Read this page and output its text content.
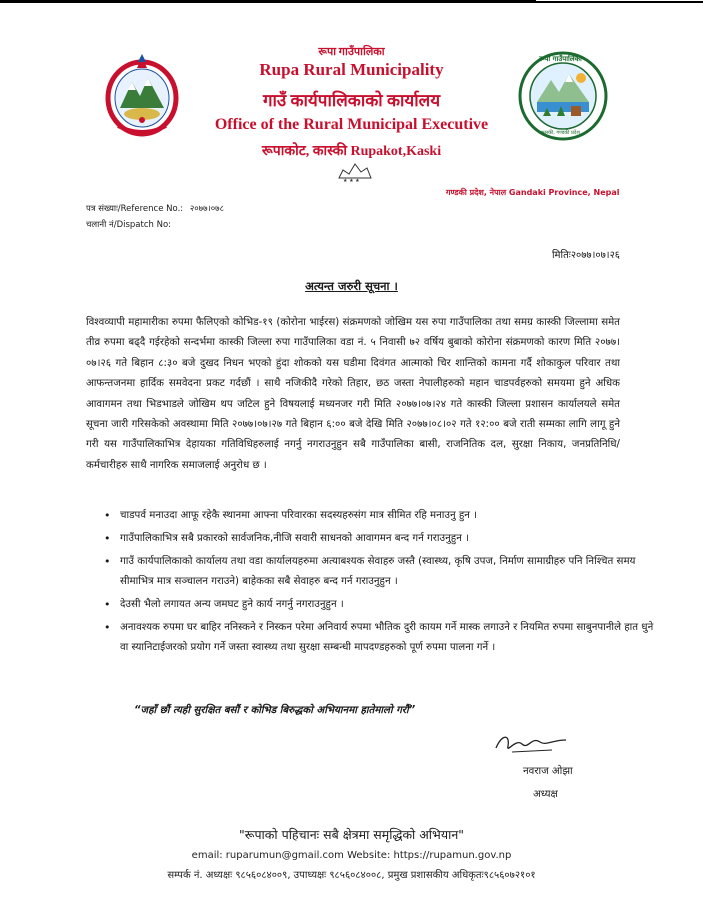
रूपा गाउँपालिका
Rupa Rural Municipality
गाउँ कार्यपालिकाको कार्यालय
Office of the Rural Municipal Executive
रूपाकोट, कास्की Rupakot,Kaski
रूपा गाउँपालिका
कास्की, गण्डकी प्रदेश
★ ★ ★
गण्डकी प्रदेश, नेपाल Gandaki Province, Nepal
पत्र संख्याः/Reference No.: २०७७।०७८
चलानी नं/Dispatch No:
मितिः२०७७।०७।२६
अत्यन्त जरुरी सूचना ।
विश्वव्यापी महामारीका रुपमा फैलिएको कोभिड-१९ (कोरोना भाईरस) संक्रमणको जोखिम यस रुपा गाउँपालिका तथा समग्र कास्की जिल्लामा समेत तीव्र रुपमा बढ्दै गईरहेको सन्दर्भमा कास्की जिल्ला रुपा गाउँपालिका वडा नं. ५ निवासी ७२ वर्षिय बुबाको कोरोना संक्रमणको कारण मिति २०७७।०७।२६ गते बिहान ८:३० बजे दुखद निधन भएको हुंदा शोकको यस घडीमा दिवंगत आत्माको चिर शान्तिको कामना गर्दै शोकाकुल परिवार तथा आफन्तजनमा हार्दिक समवेदना प्रकट गर्दछौं । साथै नजिकीदै गरेको तिहार, छठ जस्ता नेपालीहरुको महान चाडपर्वहरुको समयमा हुने अधिक आवागमन तथा भिडभाडले जोखिम थप जटिल हुने विषयलाई मध्यनजर गरी मिति २०७७।०७।२४ गते कास्की जिल्ला प्रशासन कार्यालयले समेत सूचना जारी गरिसकेको अवस्थामा मिति २०७७।०७।२७ गते बिहान ६:०० बजे देखि मिति २०७७।०८।०२ गते १२:०० बजे राती सम्मका लागि लागू हुने गरी यस गाउँपालिकाभित्र देहायका गतिविधिहरुलाई नगर्नु नगराउनुहुन सबै गाउँपालिका बासी, राजनितिक दल, सुरक्षा निकाय, जनप्रतिनिधि/कर्मचारीहरु साथै नागरिक समाजलाई अनुरोध छ ।
• चाडपर्व मनाउदा आफू रहेकै स्थानमा आफ्ना परिवारका सदस्यहरुसंग मात्र सीमित रहि मनाउनु हुन ।
• गाउँपालिकाभित्र सबै प्रकारको सार्वजनिक,नीजि सवारी साधनको आवागमन बन्द गर्न गराउनुहुन ।
• गाउँ कार्यपालिकाको कार्यालय तथा वडा कार्यालयहरुमा अत्याबश्यक सेवाहरु जस्तै (स्वास्थ्य, कृषि उपज, निर्माण सामाग्रीहरु पनि निश्चित समय सीमाभित्र मात्र सञ्चालन गराउने) बाहेकका सबै सेवाहरु बन्द गर्न गराउनुहुन ।
• देउसी भैलो लगायत अन्य जमघट हुने कार्य नगर्नु नगराउनुहुन ।
• अनावश्यक रुपमा घर बाहिर ननिस्कने र निस्कन परेमा अनिवार्य रुपमा भौतिक दुरी कायम गर्ने मास्क लगाउने र नियमित रुपमा साबुनपानीले हात धुने वा स्यानिटाईजरको प्रयोग गर्ने जस्ता स्वास्थ्य तथा सुरक्षा सम्बन्धी मापदण्डहरुको पूर्ण रुपमा पालना गर्ने ।
“जहाँ छौं त्यही सुरक्षित बसौं र कोभिड बिरुद्धको अभियानमा हातेमालो गरौं”
नवराज ओझा
अध्यक्ष
"रूपाको पहिचानः सबै क्षेत्रमा समृद्धिको अभियान"
email: ruparumun@gmail.com Website: https://rupamun.gov.np
सम्पर्क नं. अध्यक्षः ९८५६०८४००९, उपाध्यक्षः ९८५६०८४००८, प्रमुख प्रशासकीय अधिकृतः९८५६०७२१०१
